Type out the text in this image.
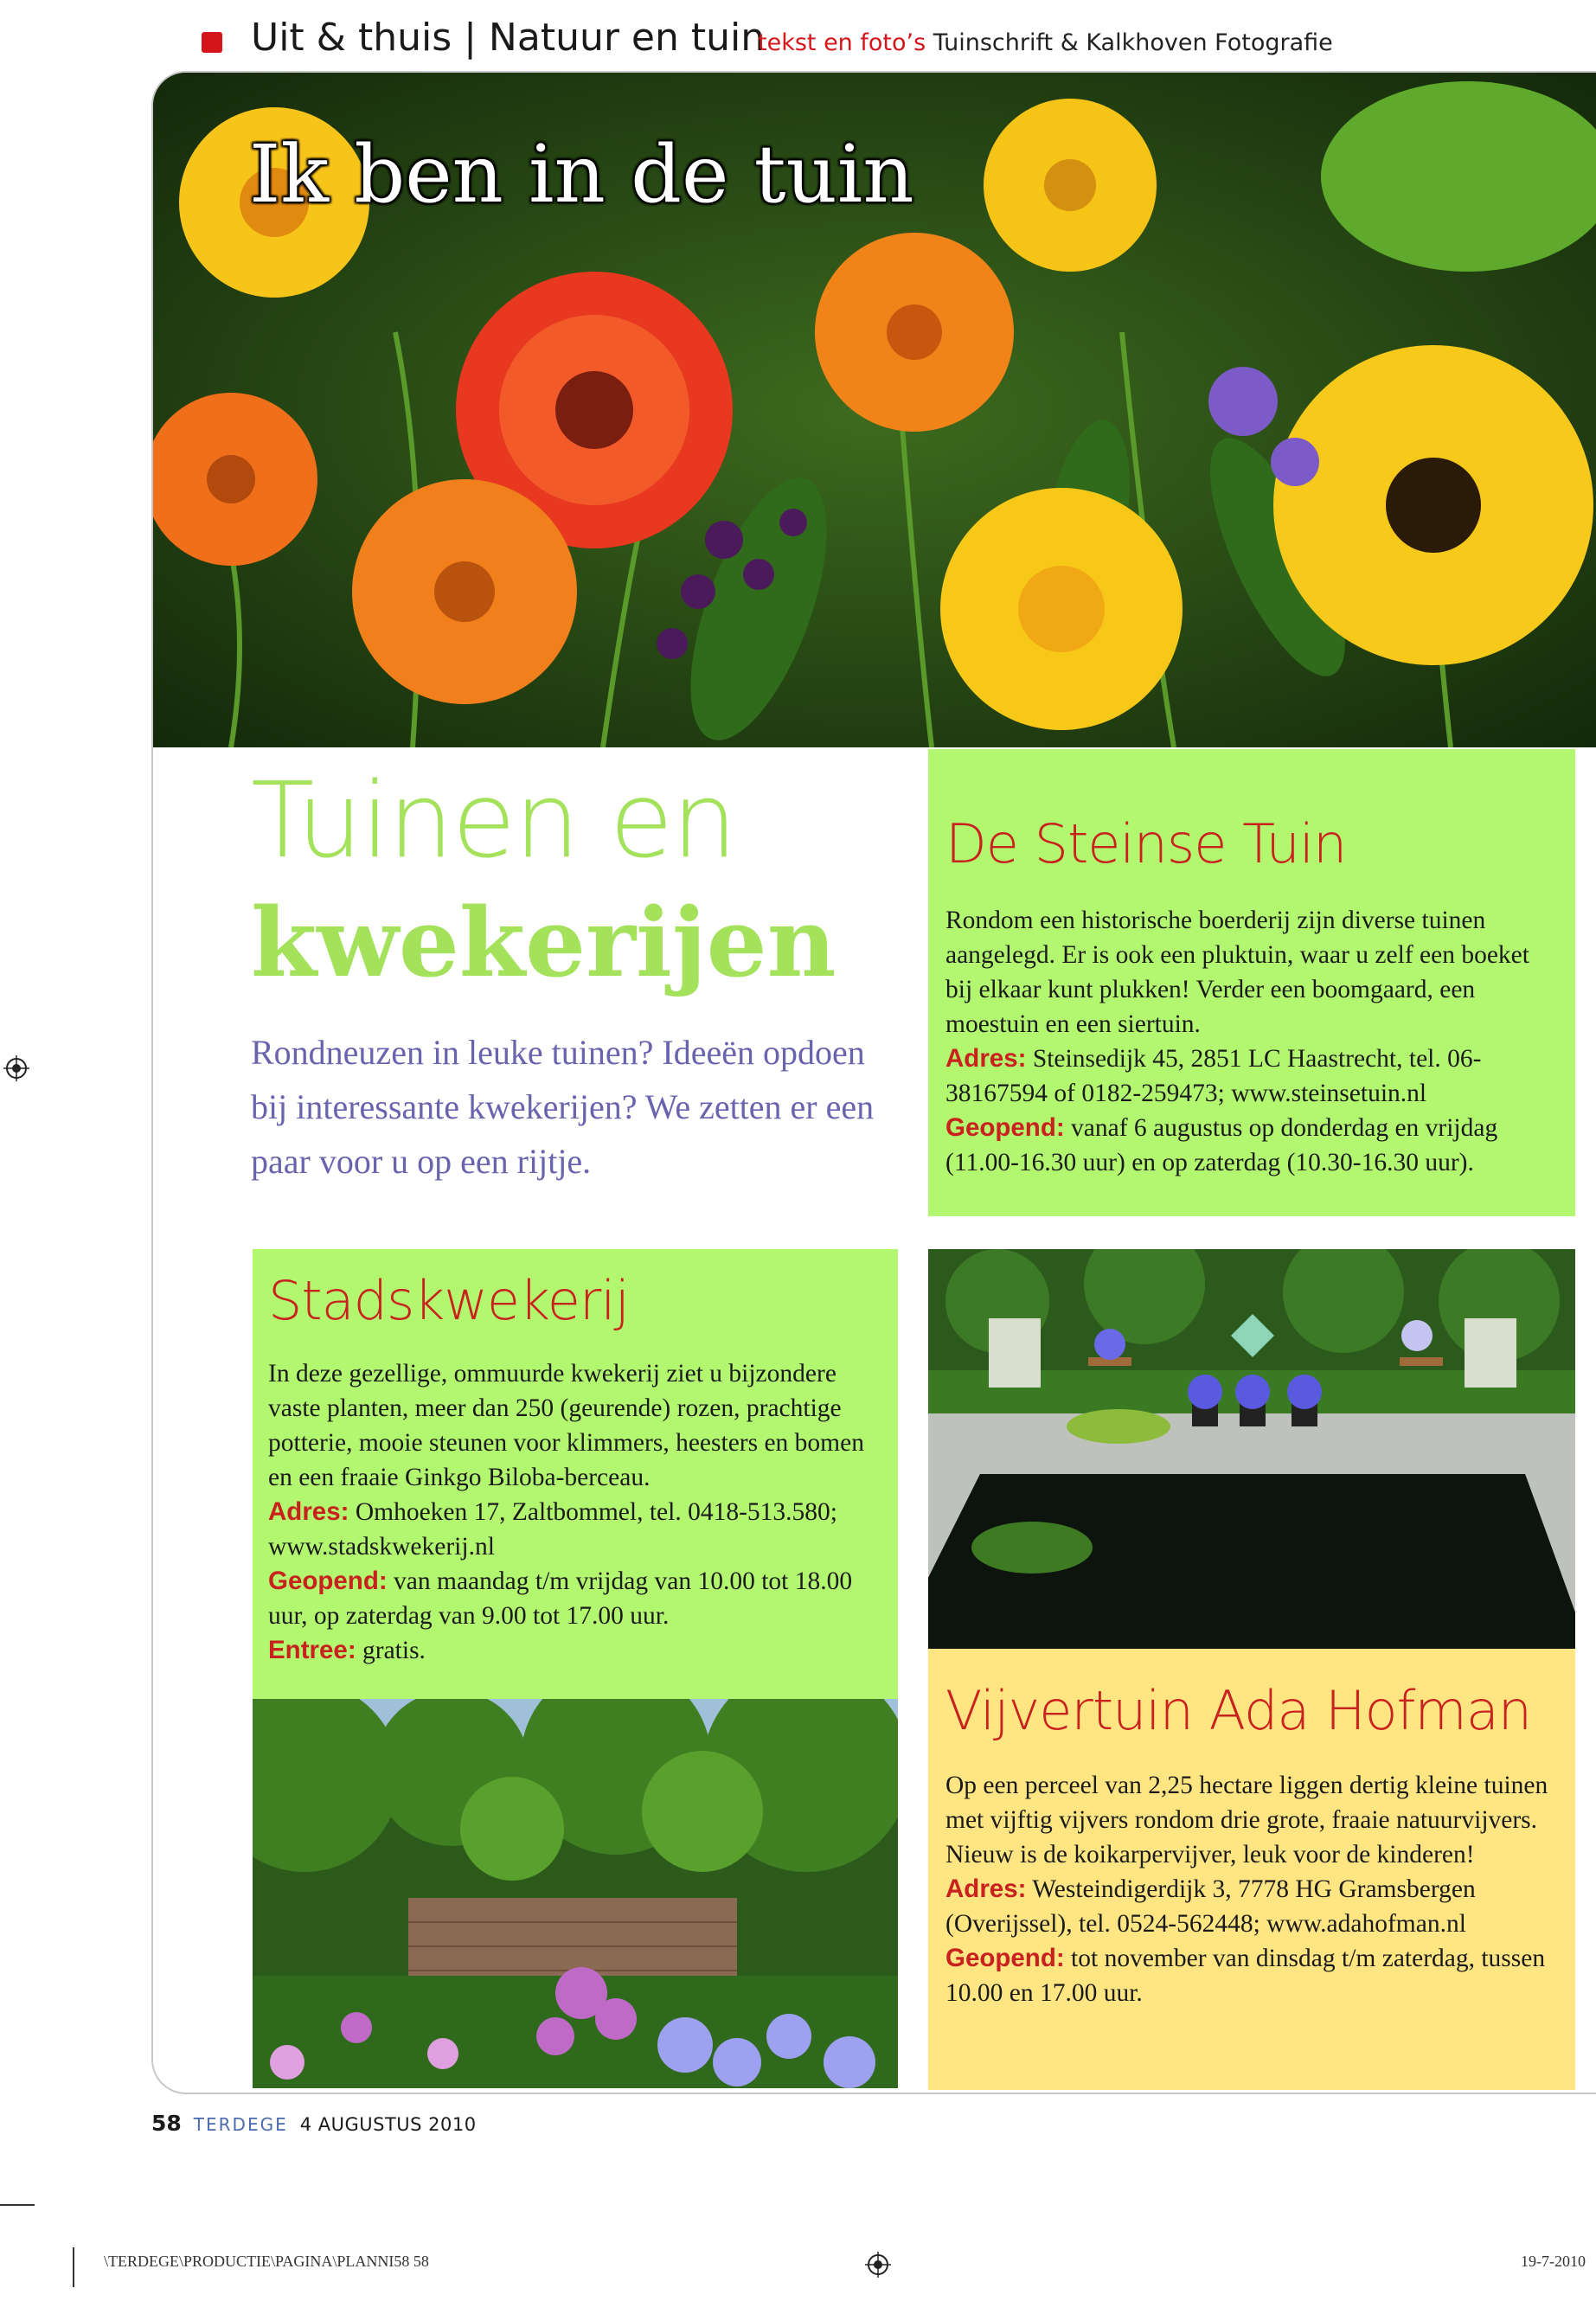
Uit & thuis | Natuur en tuin
tekst en foto’s Tuinschrift & Kalkhoven Fotografie
Ik ben in de tuin
Tuinen en
kwekerijen
Rondneuzen in leuke tuinen? Ideeën opdoen bij interessante kwekerijen? We zetten er een paar voor u op een rijtje.
De Steinse Tuin

Rondom een historische boerderij zijn diverse tuinen aangelegd. Er is ook een pluktuin, waar u zelf een boeket bij elkaar kunt plukken! Verder een boomgaard, een moestuin en een siertuin.

Adres: Steinsedijk 45, 2851 LC Haastrecht, tel. 06-38167594 of 0182-259473; www.steinsetuin.nl

Geopend: vanaf 6 augustus op donderdag en vrijdag (11.00-16.30 uur) en op zaterdag (10.30-16.30 uur).

Stadskwekerij

In deze gezellige, ommuurde kwekerij ziet u bijzondere vaste planten, meer dan 250 (geurende) rozen, prachtige potterie, mooie steunen voor klimmers, heesters en bomen en een fraaie Ginkgo Biloba-berceau.

Adres: Omhoeken 17, Zaltbommel, tel. 0418-513.580; www.stadskwekerij.nl

Geopend: van maandag t/m vrijdag van 10.00 tot 18.00 uur, op zaterdag van 9.00 tot 17.00 uur.

Entree: gratis.

Vijvertuin Ada Hofman

Op een perceel van 2,25 hectare liggen dertig kleine tuinen met vijftig vijvers rondom drie grote, fraaie natuurvijvers. Nieuw is de koikarpervijver, leuk voor de kinderen!

Adres: Westeindigerdijk 3, 7778 HG Gramsbergen (Overijssel), tel. 0524-562448; www.adahofman.nl

Geopend: tot november van dinsdag t/m zaterdag, tussen 10.00 en 17.00 uur.

58 TERDEGE 4 AUGUSTUS 2010
\TERDEGE\PRODUCTIE\PAGINA\PLANNI58 58	19-7-2010
